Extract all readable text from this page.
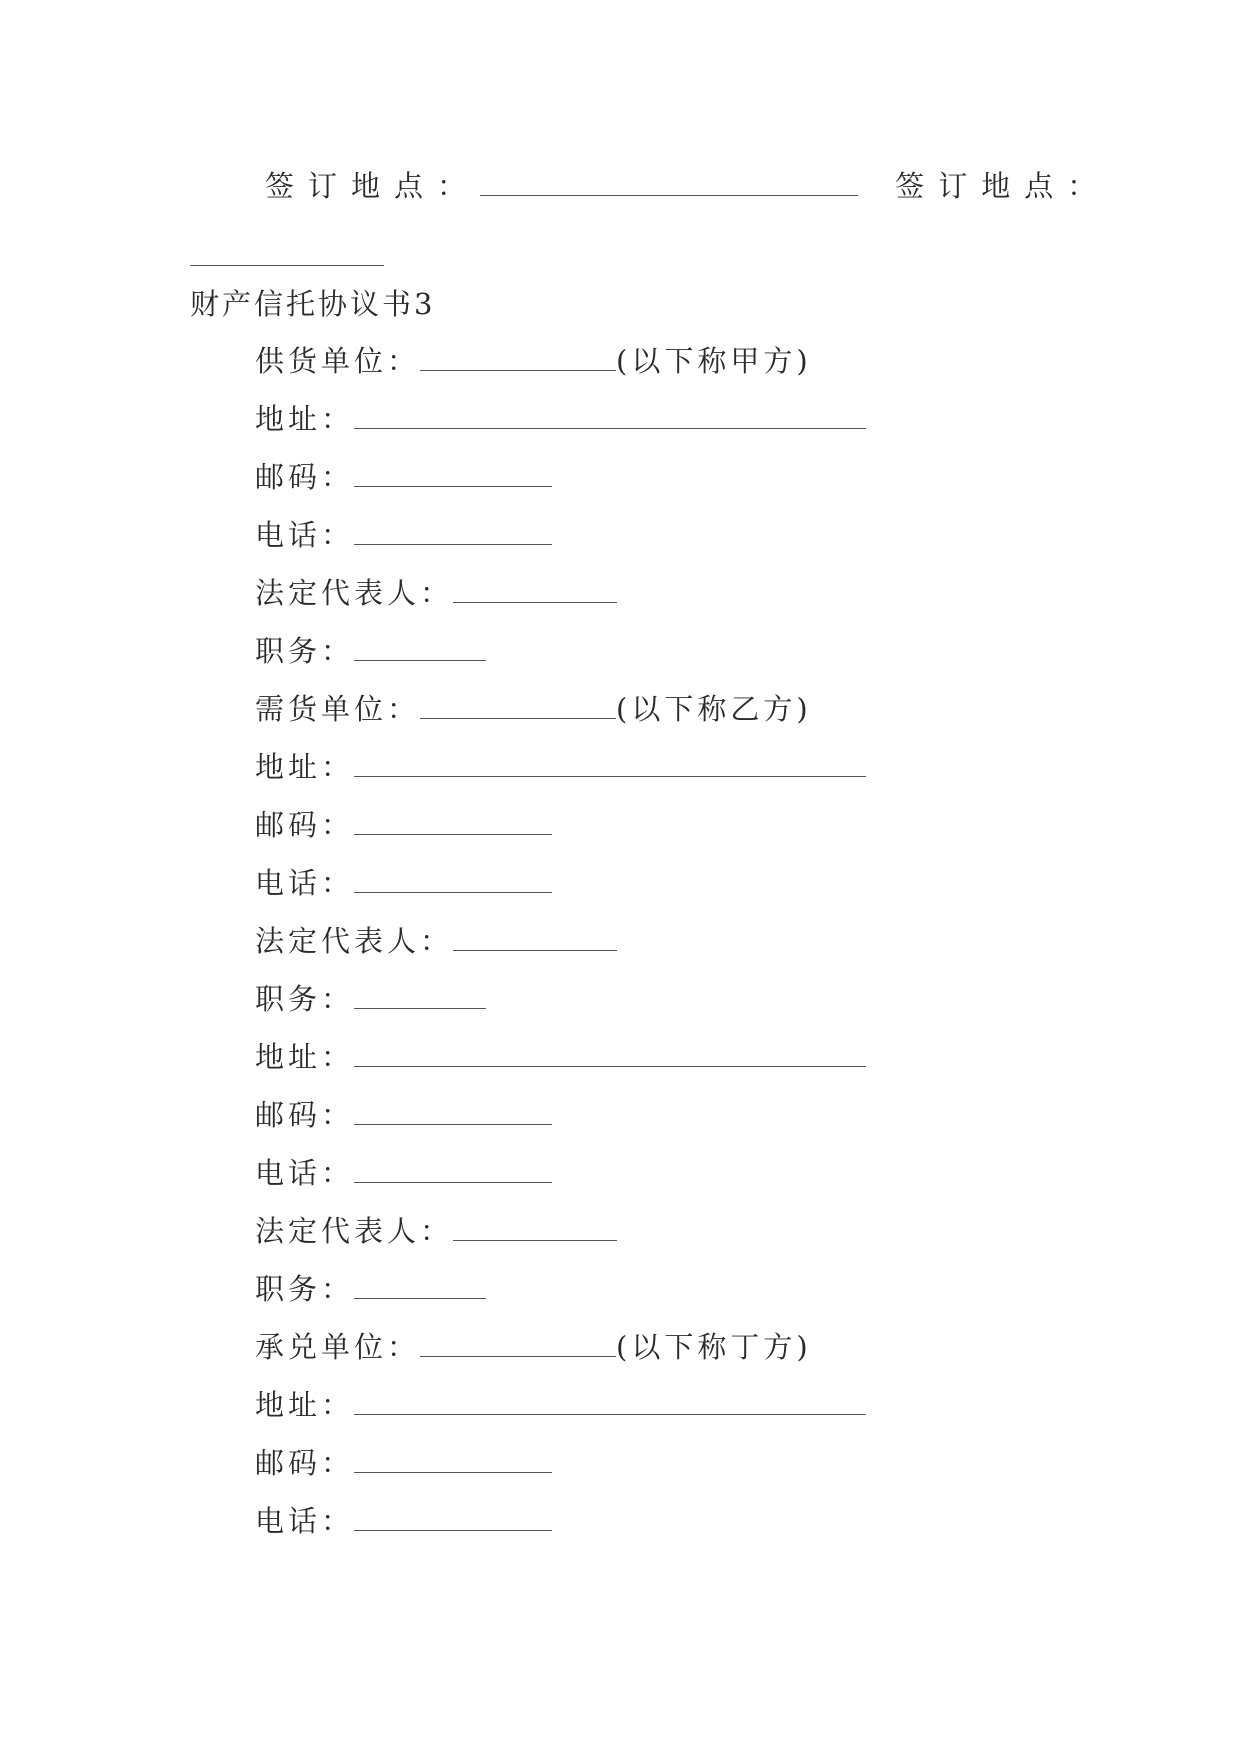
签订地点：	签订地点：
财产信托协议书3
供货单位：	(以下称甲方)
地址：
邮码：
电话：
法定代表人：
职务：
需货单位：	(以下称乙方)
地址：
邮码：
电话：
法定代表人：
职务：
地址：
邮码：
电话：
法定代表人：
职务：
承兑单位：	(以下称丁方)
地址：
邮码：
电话：
